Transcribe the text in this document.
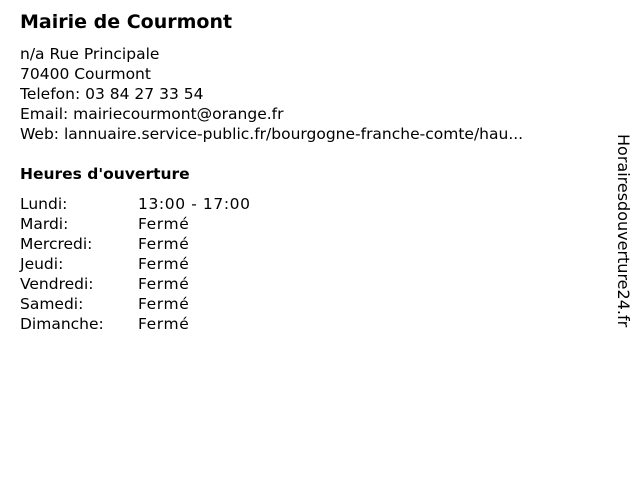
Mairie de Courmont
n/a Rue Principale
70400 Courmont
Telefon: 03 84 27 33 54
Email: mairiecourmont@orange.fr
Web: lannuaire.service-public.fr/bourgogne-franche-comte/hau...
Heures d'ouverture
Lundi:	13:00 - 17:00
Mardi:	Fermé
Mercredi:	Fermé
Jeudi:	Fermé
Vendredi:	Fermé
Samedi:	Fermé
Dimanche:	Fermé	Horairesdouverture24.fr
